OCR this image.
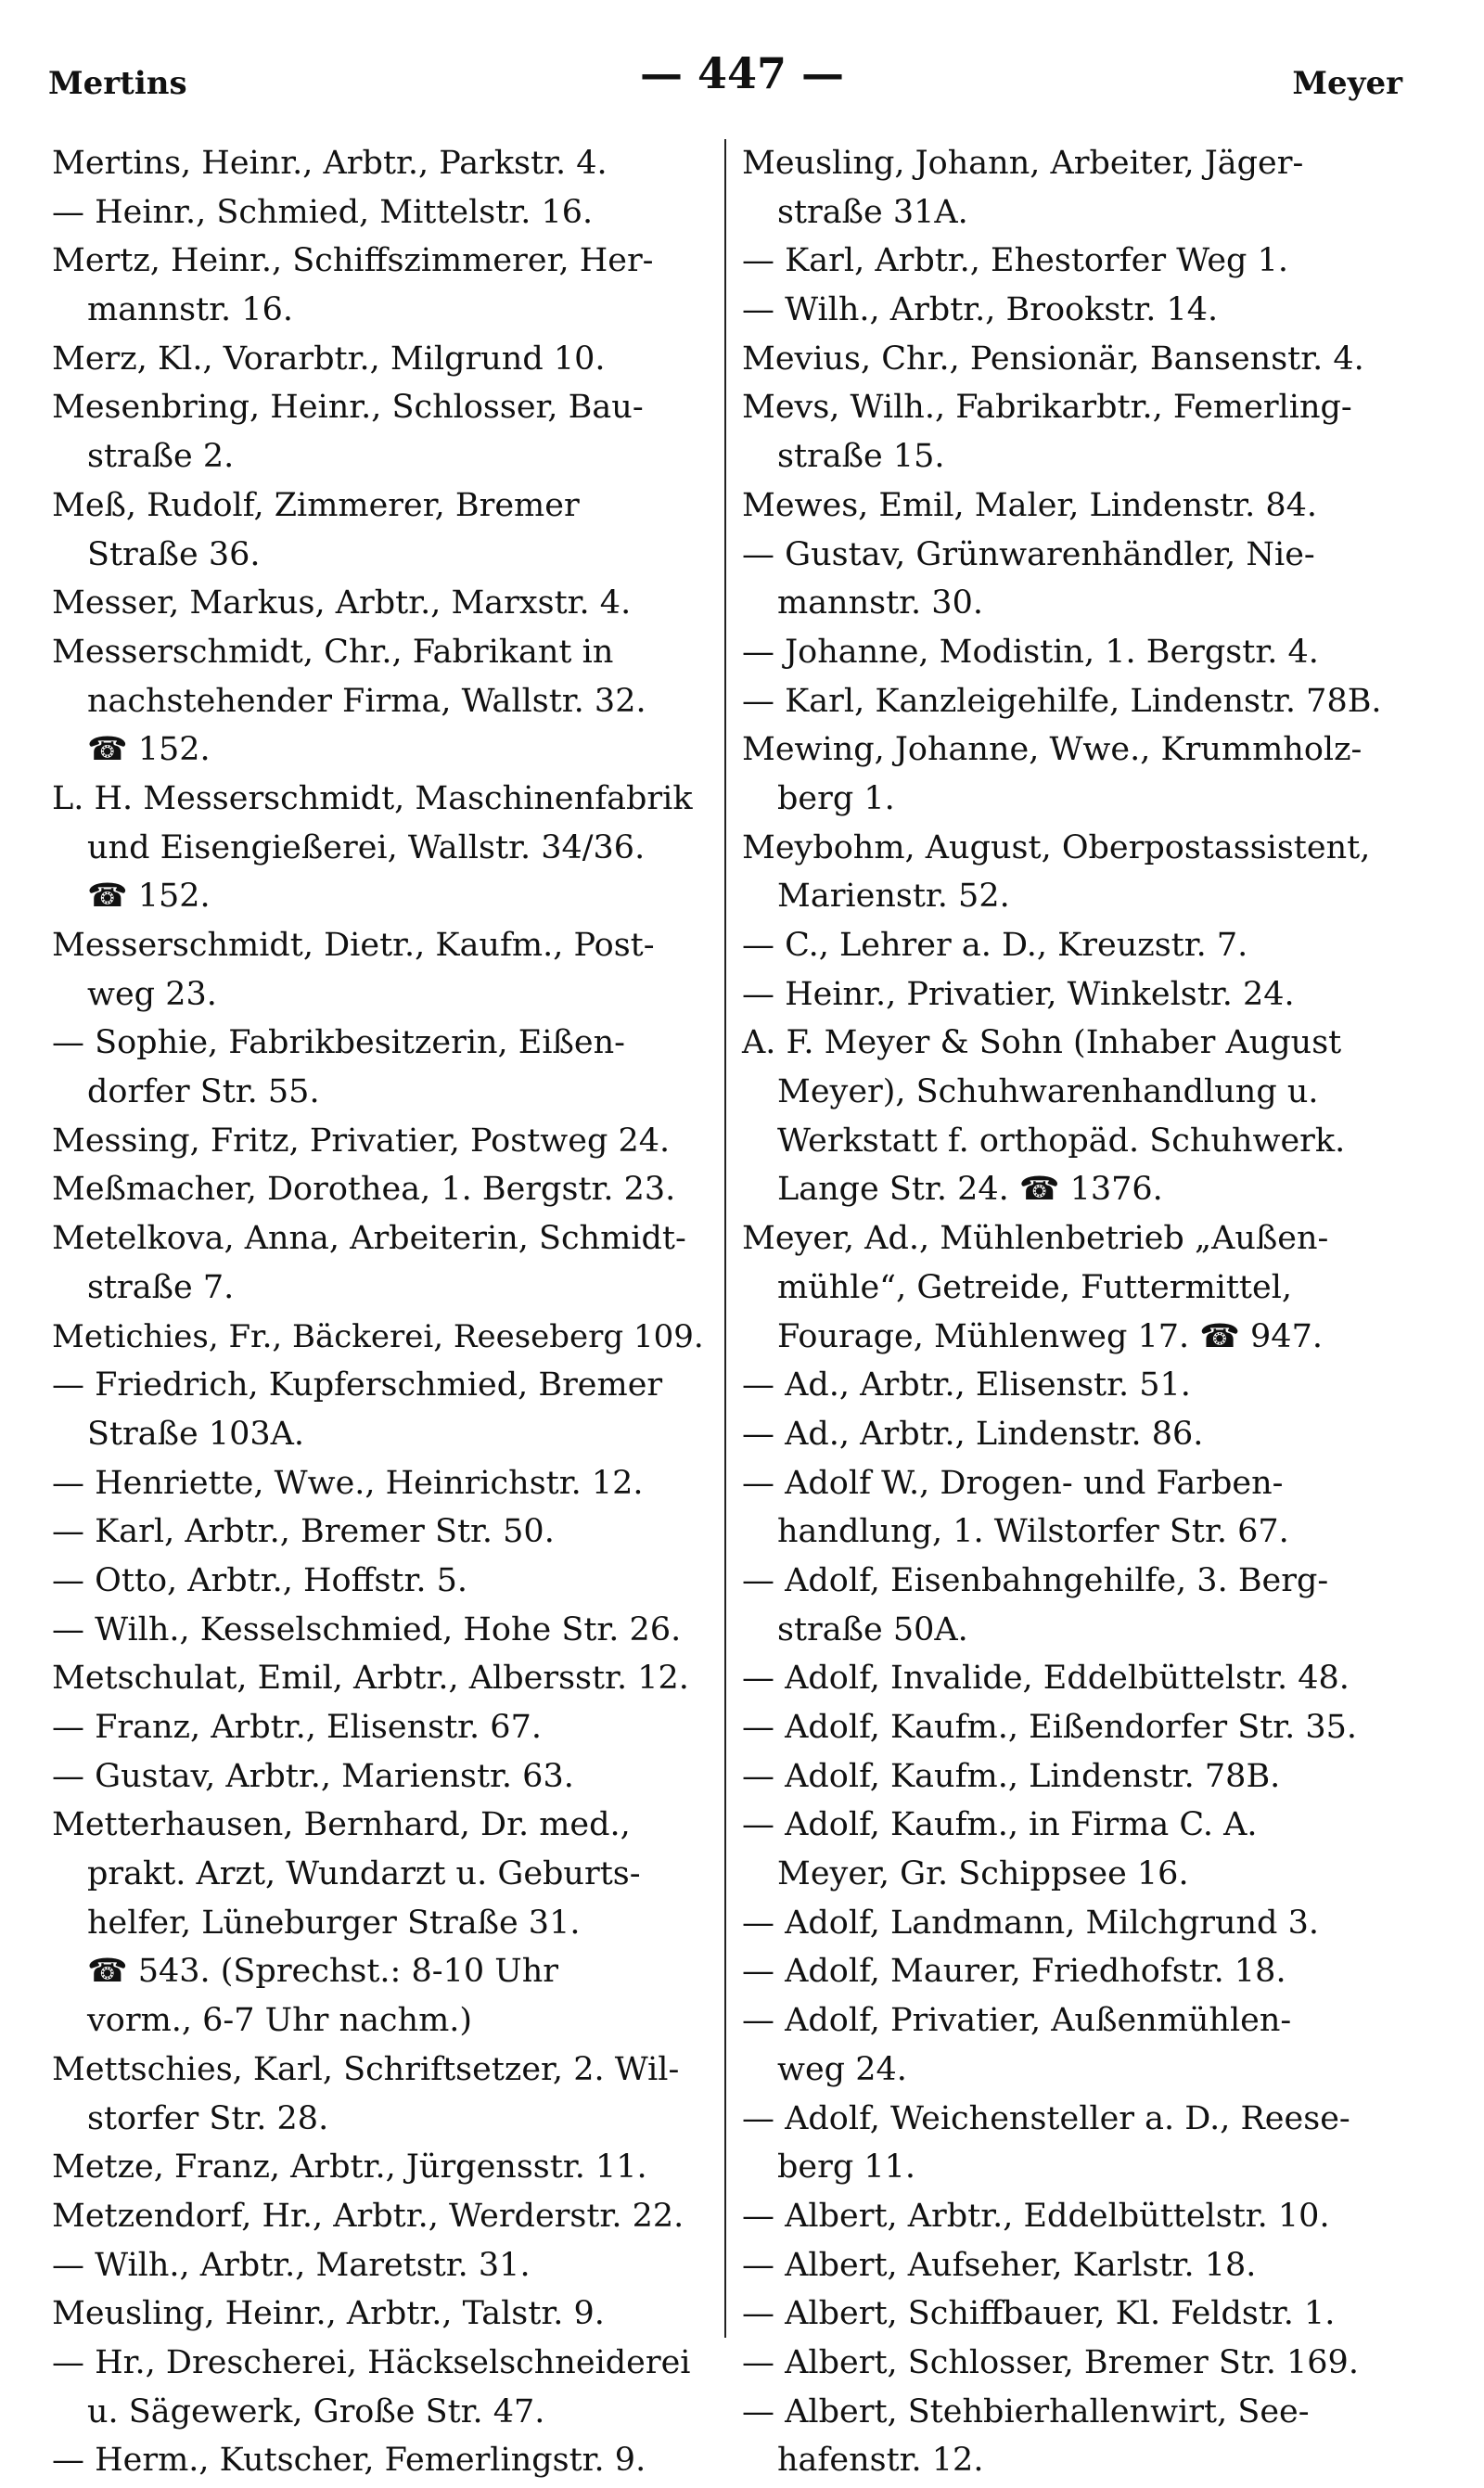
Mertins	— 447 —	Meyer
Mertins, Heinr., Arbtr., Parkstr. 4.
— Heinr., Schmied, Mittelstr. 16.
Mertz, Heinr., Schiffszimmerer, Her-
mannstr. 16.
Merz, Kl., Vorarbtr., Milgrund 10.
Mesenbring, Heinr., Schlosser, Bau-
straße 2.
Meß, Rudolf, Zimmerer, Bremer
Straße 36.
Messer, Markus, Arbtr., Marxstr. 4.
Messerschmidt, Chr., Fabrikant in
nachstehender Firma, Wallstr. 32.
☎ 152.
L. H. Messerschmidt, Maschinenfabrik
und Eisengießerei, Wallstr. 34/36.
☎ 152.
Messerschmidt, Dietr., Kaufm., Post-
weg 23.
— Sophie, Fabrikbesitzerin, Eißen-
dorfer Str. 55.
Messing, Fritz, Privatier, Postweg 24.
Meßmacher, Dorothea, 1. Bergstr. 23.
Metelkova, Anna, Arbeiterin, Schmidt-
straße 7.
Metichies, Fr., Bäckerei, Reeseberg 109.
— Friedrich, Kupferschmied, Bremer
Straße 103A.
— Henriette, Wwe., Heinrichstr. 12.
— Karl, Arbtr., Bremer Str. 50.
— Otto, Arbtr., Hoffstr. 5.
— Wilh., Kesselschmied, Hohe Str. 26.
Metschulat, Emil, Arbtr., Albersstr. 12.
— Franz, Arbtr., Elisenstr. 67.
— Gustav, Arbtr., Marienstr. 63.
Metterhausen, Bernhard, Dr. med.,
prakt. Arzt, Wundarzt u. Geburts-
helfer, Lüneburger Straße 31.
☎ 543. (Sprechst.: 8-10 Uhr
vorm., 6-7 Uhr nachm.)
Mettschies, Karl, Schriftsetzer, 2. Wil-
storfer Str. 28.
Metze, Franz, Arbtr., Jürgensstr. 11.
Metzendorf, Hr., Arbtr., Werderstr. 22.
— Wilh., Arbtr., Maretstr. 31.
Meusling, Heinr., Arbtr., Talstr. 9.
— Hr., Drescherei, Häckselschneiderei
u. Sägewerk, Große Str. 47.
— Herm., Kutscher, Femerlingstr. 9.
Meusling, Johann, Arbeiter, Jäger-
straße 31A.
— Karl, Arbtr., Ehestorfer Weg 1.
— Wilh., Arbtr., Brookstr. 14.
Mevius, Chr., Pensionär, Bansenstr. 4.
Mevs, Wilh., Fabrikarbtr., Femerling-
straße 15.
Mewes, Emil, Maler, Lindenstr. 84.
— Gustav, Grünwarenhändler, Nie-
mannstr. 30.
— Johanne, Modistin, 1. Bergstr. 4.
— Karl, Kanzleigehilfe, Lindenstr. 78B.
Mewing, Johanne, Wwe., Krummholz-
berg 1.
Meybohm, August, Oberpostassistent,
Marienstr. 52.
— C., Lehrer a. D., Kreuzstr. 7.
— Heinr., Privatier, Winkelstr. 24.
A. F. Meyer & Sohn (Inhaber August
Meyer), Schuhwarenhandlung u.
Werkstatt f. orthopäd. Schuhwerk.
Lange Str. 24. ☎ 1376.
Meyer, Ad., Mühlenbetrieb „Außen-
mühle“, Getreide, Futtermittel,
Fourage, Mühlenweg 17. ☎ 947.
— Ad., Arbtr., Elisenstr. 51.
— Ad., Arbtr., Lindenstr. 86.
— Adolf W., Drogen- und Farben-
handlung, 1. Wilstorfer Str. 67.
— Adolf, Eisenbahngehilfe, 3. Berg-
straße 50A.
— Adolf, Invalide, Eddelbüttelstr. 48.
— Adolf, Kaufm., Eißendorfer Str. 35.
— Adolf, Kaufm., Lindenstr. 78B.
— Adolf, Kaufm., in Firma C. A.
Meyer, Gr. Schippsee 16.
— Adolf, Landmann, Milchgrund 3.
— Adolf, Maurer, Friedhofstr. 18.
— Adolf, Privatier, Außenmühlen-
weg 24.
— Adolf, Weichensteller a. D., Reese-
berg 11.
— Albert, Arbtr., Eddelbüttelstr. 10.
— Albert, Aufseher, Karlstr. 18.
— Albert, Schiffbauer, Kl. Feldstr. 1.
— Albert, Schlosser, Bremer Str. 169.
— Albert, Stehbierhallenwirt, See-
hafenstr. 12.
